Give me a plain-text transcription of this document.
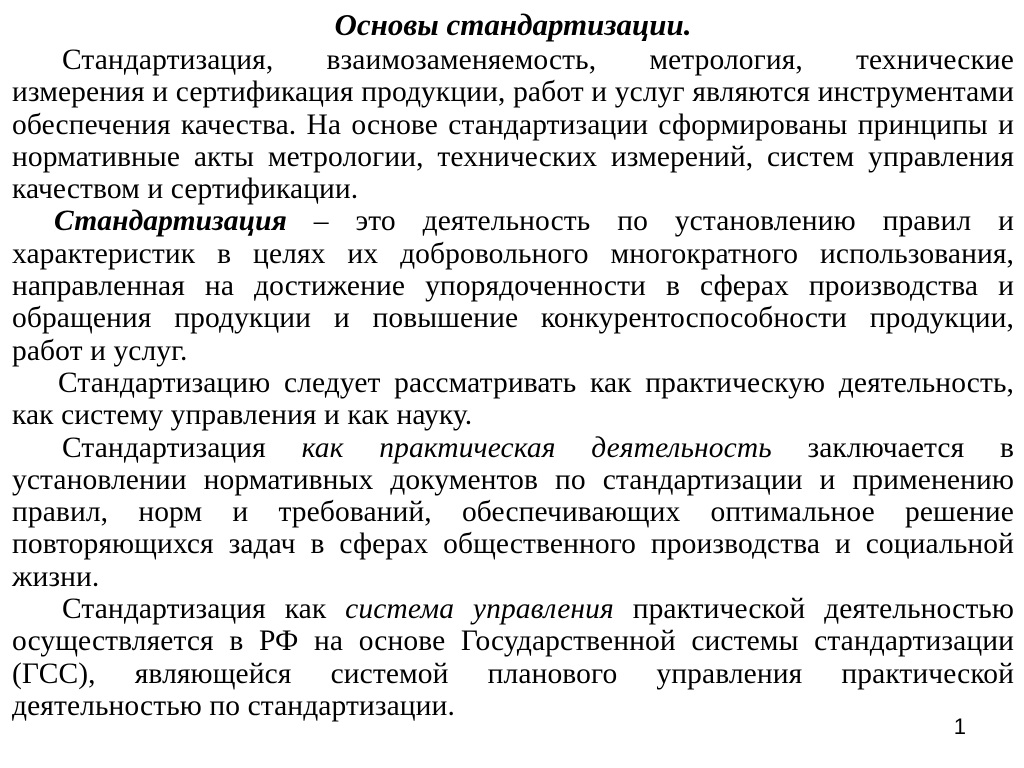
Основы стандартизации.

Стандартизация, взаимозаменяемость, метрология, технические измерения и сертификация продукции, работ и услуг являются инструментами обеспечения качества. На основе стандартизации сформированы принципы и нормативные акты метрологии, технических измерений, систем управления качеством и сертификации.

Стандартизация – это деятельность по установлению правил и характеристик в целях их добровольного многократного использования, направленная на достижение упорядоченности в сферах производства и обращения продукции и повышение конкурентоспособности продукции, работ и услуг.

Стандартизацию следует рассматривать как практическую деятельность, как систему управления и как науку.

Стандартизация как практическая деятельность заключается в установлении нормативных документов по стандартизации и применению правил, норм и требований, обеспечивающих оптимальное решение повторяющихся задач в сферах общественного производства и социальной жизни.

Стандартизация как система управления практической деятельностью осуществляется в РФ на основе Государственной системы стандартизации (ГСС), являющейся системой планового управления практической деятельностью по стандартизации.

1
